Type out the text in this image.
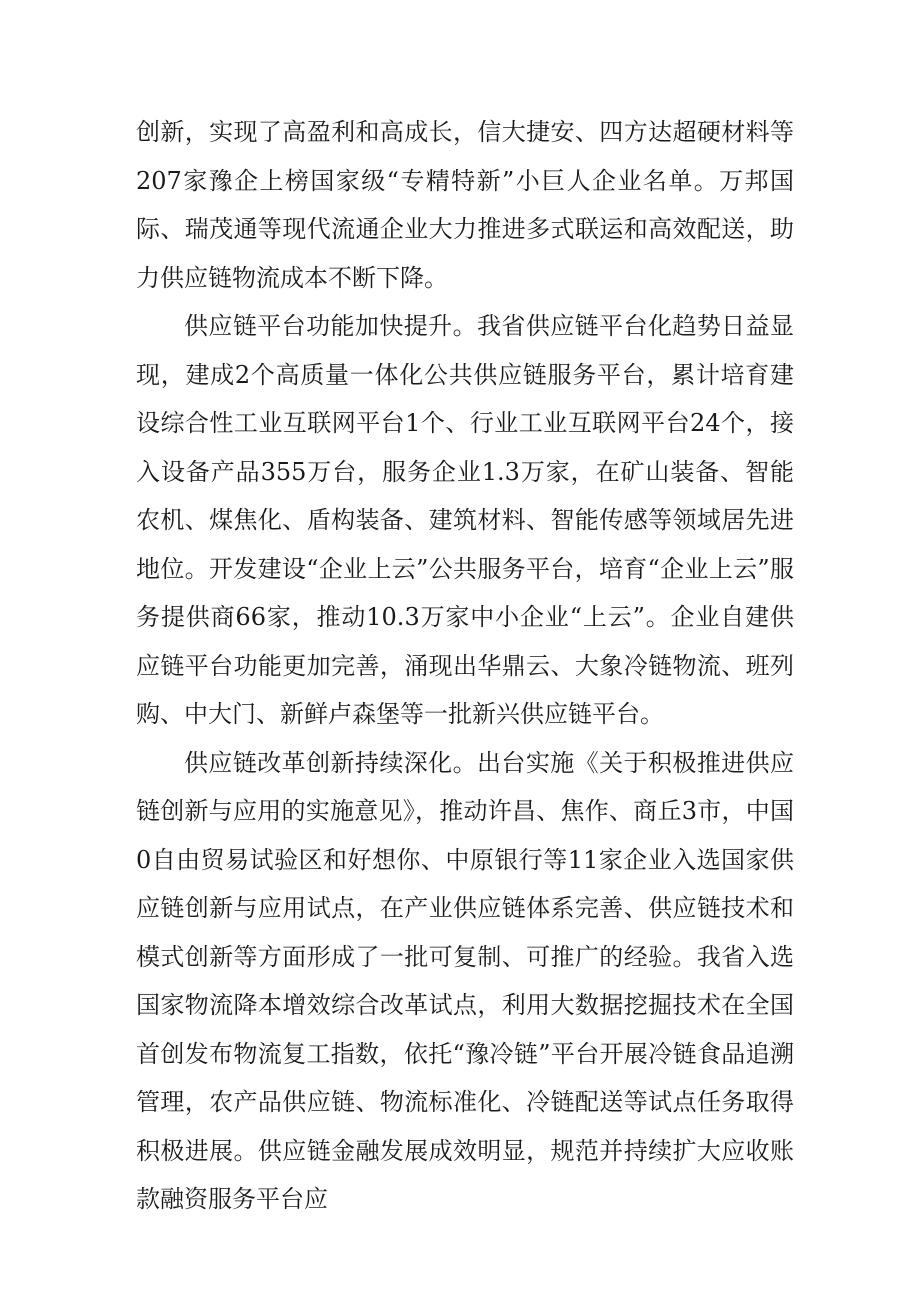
创新，实现了高盈利和高成长，信大捷安、四方达超硬材料等207家豫企上榜国家级“专精特新”小巨人企业名单。万邦国际、瑞茂通等现代流通企业大力推进多式联运和高效配送，助力供应链物流成本不断下降。

供应链平台功能加快提升。我省供应链平台化趋势日益显现，建成2个高质量一体化公共供应链服务平台，累计培育建设综合性工业互联网平台1个、行业工业互联网平台24个，接入设备产品355万台，服务企业1.3万家，在矿山装备、智能农机、煤焦化、盾构装备、建筑材料、智能传感等领域居先进地位。开发建设“企业上云”公共服务平台，培育“企业上云”服务提供商66家，推动10.3万家中小企业“上云”。企业自建供应链平台功能更加完善，涌现出华鼎云、大象冷链物流、班列购、中大门、新鲜卢森堡等一批新兴供应链平台。

供应链改革创新持续深化。出台实施《关于积极推进供应链创新与应用的实施意见》，推动许昌、焦作、商丘3市，中国0自由贸易试验区和好想你、中原银行等11家企业入选国家供应链创新与应用试点，在产业供应链体系完善、供应链技术和模式创新等方面形成了一批可复制、可推广的经验。我省入选国家物流降本增效综合改革试点，利用大数据挖掘技术在全国首创发布物流复工指数，依托“豫冷链”平台开展冷链食品追溯管理，农产品供应链、物流标准化、冷链配送等试点任务取得积极进展。供应链金融发展成效明显，规范并持续扩大应收账款融资服务平台应
